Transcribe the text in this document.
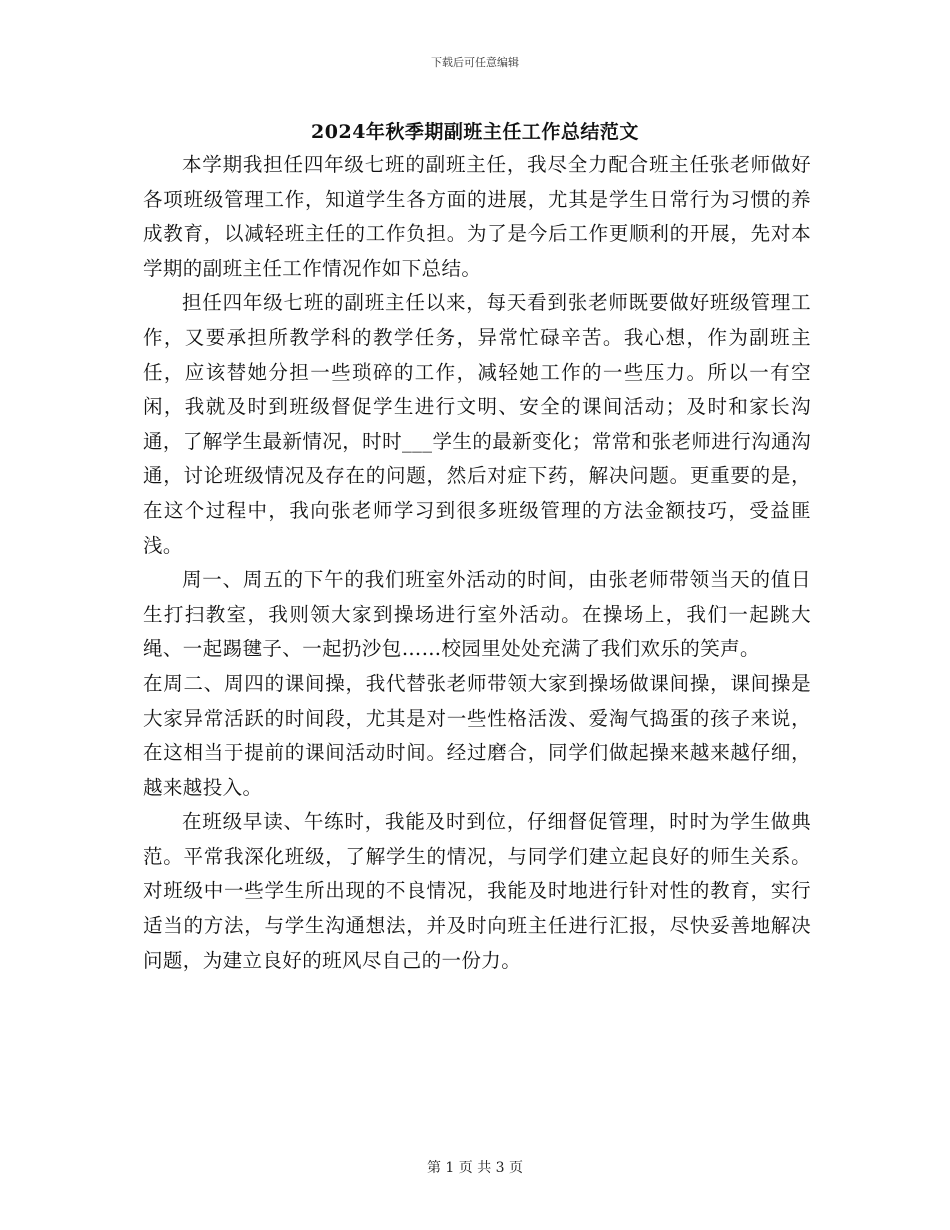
下载后可任意编辑
2024年秋季期副班主任工作总结范文

本学期我担任四年级七班的副班主任，我尽全力配合班主任张老师做好各项班级管理工作，知道学生各方面的进展，尤其是学生日常行为习惯的养成教育，以减轻班主任的工作负担。为了是今后工作更顺利的开展，先对本学期的副班主任工作情况作如下总结。

担任四年级七班的副班主任以来，每天看到张老师既要做好班级管理工作，又要承担所教学科的教学任务，异常忙碌辛苦。我心想，作为副班主任，应该替她分担一些琐碎的工作，减轻她工作的一些压力。所以一有空闲，我就及时到班级督促学生进行文明、安全的课间活动；及时和家长沟通，了解学生最新情况，时时___学生的最新变化；常常和张老师进行沟通沟通，讨论班级情况及存在的问题，然后对症下药，解决问题。更重要的是，在这个过程中，我向张老师学习到很多班级管理的方法金额技巧，受益匪浅。

周一、周五的下午的我们班室外活动的时间，由张老师带领当天的值日生打扫教室，我则领大家到操场进行室外活动。在操场上，我们一起跳大绳、一起踢毽子、一起扔沙包……校园里处处充满了我们欢乐的笑声。

在周二、周四的课间操，我代替张老师带领大家到操场做课间操，课间操是大家异常活跃的时间段，尤其是对一些性格活泼、爱淘气捣蛋的孩子来说，在这相当于提前的课间活动时间。经过磨合，同学们做起操来越来越仔细，越来越投入。

在班级早读、午练时，我能及时到位，仔细督促管理，时时为学生做典范。平常我深化班级，了解学生的情况，与同学们建立起良好的师生关系。对班级中一些学生所出现的不良情况，我能及时地进行针对性的教育，实行适当的方法，与学生沟通想法，并及时向班主任进行汇报，尽快妥善地解决问题，为建立良好的班风尽自己的一份力。

第 1 页 共 3 页
